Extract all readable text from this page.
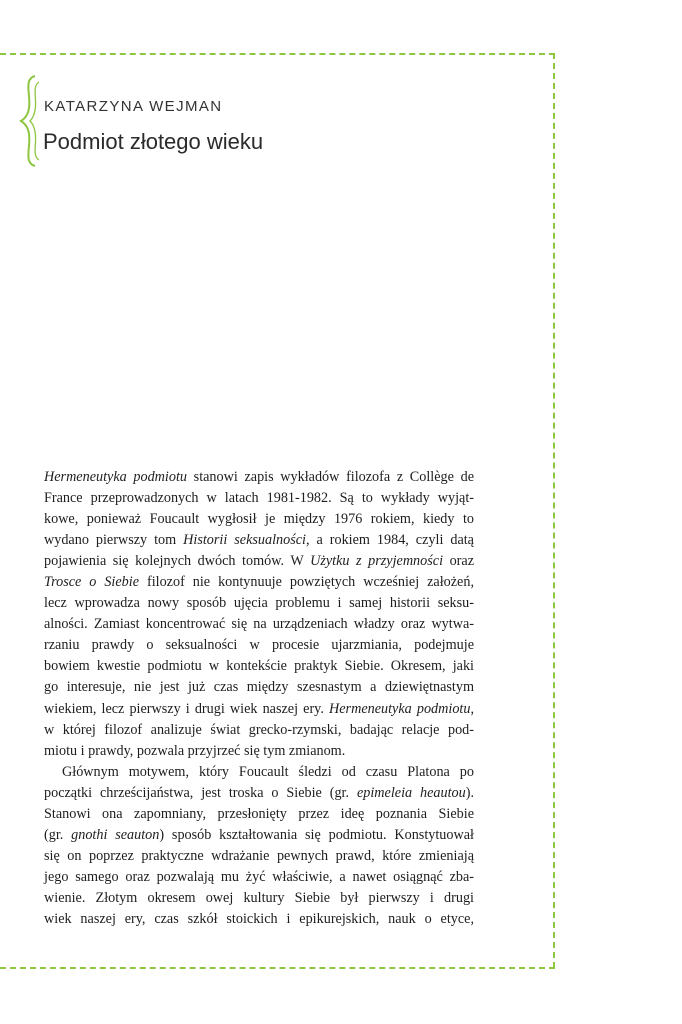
KATARZYNA WEJMAN
Podmiot złotego wieku
Hermeneutyka podmiotu stanowi zapis wykładów filozofa z Collège de
France przeprowadzonych w latach 1981-1982. Są to wykłady wyjąt-
kowe, ponieważ Foucault wygłosił je między 1976 rokiem, kiedy to
wydano pierwszy tom Historii seksualności, a rokiem 1984, czyli datą
pojawienia się kolejnych dwóch tomów. W Użytku z przyjemności oraz
Trosce o Siebie filozof nie kontynuuje powziętych wcześniej założeń,
lecz wprowadza nowy sposób ujęcia problemu i samej historii seksu-
alności. Zamiast koncentrować się na urządzeniach władzy oraz wytwa-
rzaniu prawdy o seksualności w procesie ujarzmiania, podejmuje
bowiem kwestie podmiotu w kontekście praktyk Siebie. Okresem, jaki
go interesuje, nie jest już czas między szesnastym a dziewiętnastym
wiekiem, lecz pierwszy i drugi wiek naszej ery. Hermeneutyka podmiotu,
w której filozof analizuje świat grecko-rzymski, badając relacje pod-
miotu i prawdy, pozwala przyjrzeć się tym zmianom.
Głównym motywem, który Foucault śledzi od czasu Platona po
początki chrześcijaństwa, jest troska o Siebie (gr. epimeleia heautou).
Stanowi ona zapomniany, przesłonięty przez ideę poznania Siebie
(gr. gnothi seauton) sposób kształtowania się podmiotu. Konstytuował
się on poprzez praktyczne wdrażanie pewnych prawd, które zmieniają
jego samego oraz pozwalają mu żyć właściwie, a nawet osiągnąć zba-
wienie. Złotym okresem owej kultury Siebie był pierwszy i drugi
wiek naszej ery, czas szkół stoickich i epikurejskich, nauk o etyce,
